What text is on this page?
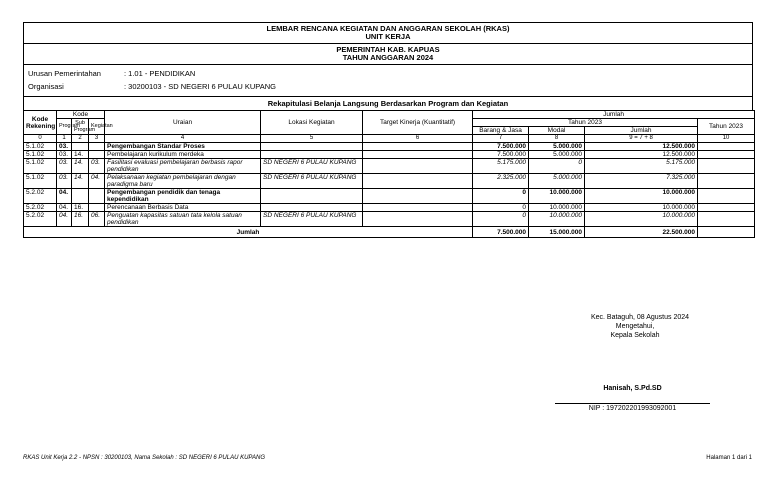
LEMBAR RENCANA KEGIATAN DAN ANGGARAN SEKOLAH (RKAS)
UNIT KERJA
PEMERINTAH KAB. KAPUAS
TAHUN ANGGARAN 2024
Urusan Pemerintahan	: 1.01 - PENDIDIKAN
Organisasi	: 30200103 - SD NEGERI 6 PULAU KUPANG
Rekapitulasi Belanja Langsung Berdasarkan Program dan Kegiatan
Kode Rekening	Kode			Uraian	Lokasi Kegiatan	Target Kinerja (Kuantitatif)	Jumlah			
	Program	Sub Program	Kegiatan				Tahun 2023			Tahun 2023
							Barang & Jasa	Modal	Jumlah	
0	1	2	3	4	5	6	7	8	9 = 7 + 8	10
5.1.02	03.			Pengembangan Standar Proses			7.500.000	5.000.000	12.500.000	
5.1.02	03.	14.		Pembelajaran kurikulum merdeka			7.500.000	5.000.000	12.500.000	
5.1.02	03.	14.	03.	Fasilitasi evaluasi pembelajaran berbasis rapor pendidikan	SD NEGERI 6 PULAU KUPANG		5.175.000	0	5.175.000	
5.1.02	03.	14.	04.	Pelaksanaan kegiatan pembelajaran dengan paradigma baru	SD NEGERI 6 PULAU KUPANG		2.325.000	5.000.000	7.325.000	
5.2.02	04.			Pengembangan pendidik dan tenaga kependidikan			0	10.000.000	10.000.000	
5.2.02	04.	16.		Perencanaan Berbasis Data			0	10.000.000	10.000.000	
5.2.02	04.	16.	06.	Penguatan kapasitas satuan tata kelola satuan pendidikan	SD NEGERI 6 PULAU KUPANG		0	10.000.000	10.000.000	
Jumlah							7.500.000	15.000.000	22.500.000	
Kec. Bataguh, 08 Agustus 2024
Mengetahui,
Kepala Sekolah
Hanisah, S.Pd.SD
NIP : 197202201993092001
RKAS Unit Kerja 2.2 - NPSN : 30200103, Nama Sekolah : SD NEGERI 6 PULAU KUPANG	Halaman 1 dari 1
